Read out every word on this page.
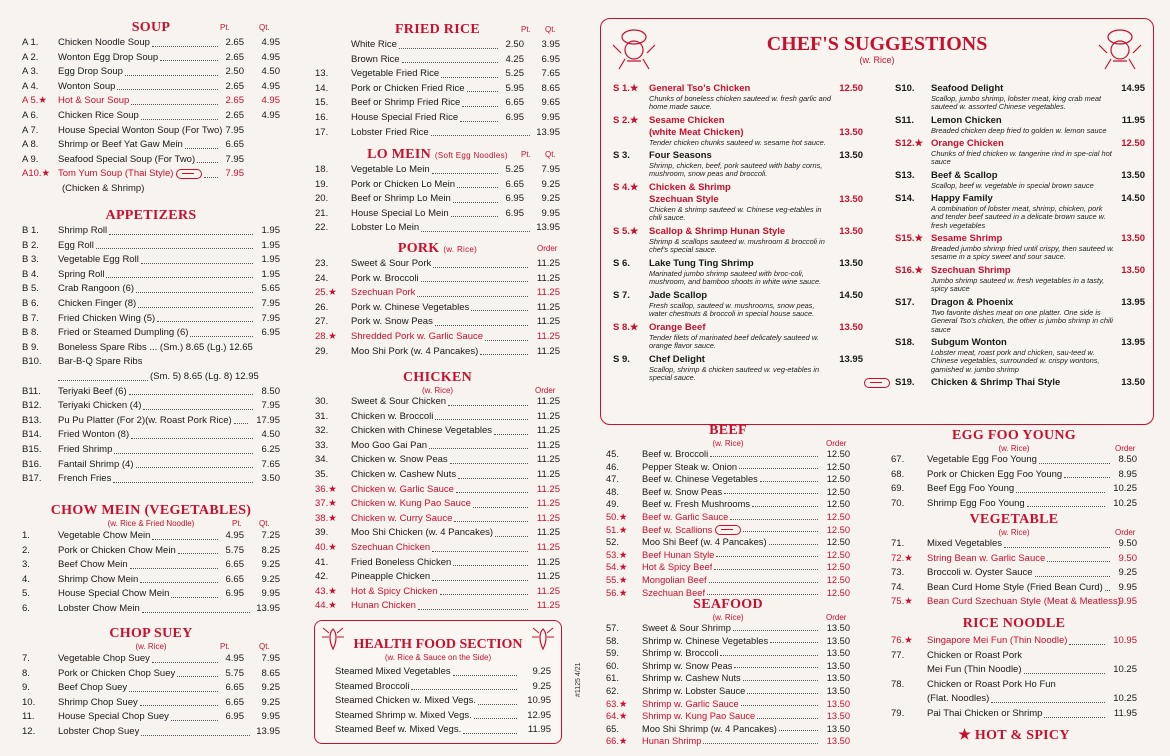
SOUP	Pt.	Qt.
A 1. Chicken Noodle Soup	2.65 4.95
A 2. Wonton Egg Drop Soup	2.65 4.95
A 3. Egg Drop Soup	2.50 4.50
A 4. Wonton Soup	2.65 4.95
A 5.★ Hot & Sour Soup	2.65 4.95
A 6. Chicken Rice Soup	2.65 4.95
A 7. House Special Wonton Soup (For Two) 7.95
A 8. Shrimp or Beef Yat Gaw Mein	6.65
A 9. Seafood Special Soup (For Two)	7.95
A10.★ Tom Yum Soup (Thai Style)	7.95
(Chicken & Shrimp)
APPETIZERS
B 1. Shrimp Roll	1.95
B 2. Egg Roll	1.95
B 3. Vegetable Egg Roll	1.95
B 4. Spring Roll	1.95
B 5. Crab Rangoon (6)	5.65
B 6. Chicken Finger (8)	7.95
B 7. Fried Chicken Wing (5)	7.95
B 8. Fried or Steamed Dumpling (6)	6.95
B 9. Boneless Spare Ribs ... (Sm.) 8.65 (Lg.) 12.65
B10. Bar-B-Q Spare Ribs
(Sm. 5) 8.65 (Lg. 8) 12.95
B11. Teriyaki Beef (6)	8.50
B12. Teriyaki Chicken (4)	7.95
B13. Pu Pu Platter (For 2)(w. Roast Pork Rice)	17.95
B14. Fried Wonton (8)	4.50
B15. Fried Shrimp	6.25
B16. Fantail Shrimp (4)	7.65
B17. French Fries	3.50
CHOW MEIN (VEGETABLES)
(w. Rice & Fried Noodle)	Pt. Qt.
1.	Vegetable Chow Mein	4.95 7.25
2.	Pork or Chicken Chow Mein	5.75 8.25
3.	Beef Chow Mein	6.65 9.25
4.	Shrimp Chow Mein	6.65 9.25
5.	House Special Chow Mein	6.95 9.95
6.	Lobster Chow Mein	13.95
CHOP SUEY
(w. Rice)	Pt.	Qt.
7.	Vegetable Chop Suey	4.95 7.95
8.	Pork or Chicken Chop Suey	5.75 8.65
9.	Beef Chop Suey	6.65 9.25
10. Shrimp Chop Suey	6.65 9.25
11. House Special Chop Suey	6.95 9.95
12. Lobster Chop Suey	13.95
FRIED RICE	Pt. Qt.
White Rice	2.50 3.95
Brown Rice	4.25 6.95
13. Vegetable Fried Rice	5.25 7.65
14. Pork or Chicken Fried Rice	5.95 8.65
15. Beef or Shrimp Fried Rice	6.65 9.65
16. House Special Fried Rice	6.95 9.95
17. Lobster Fried Rice	13.95
LO MEIN (Soft Egg Noodles)	Pt. Qt.
18. Vegetable Lo Mein	5.25 7.95
19. Pork or Chicken Lo Mein	6.65 9.25
20. Beef or Shrimp Lo Mein	6.95 9.25
21. House Special Lo Mein	6.95 9.95
22. Lobster Lo Mein	13.95
PORK (w. Rice)	Order
23. Sweet & Sour Pork	11.25
24. Pork w. Broccoli	11.25
25.★ Szechuan Pork	11.25
26. Pork w. Chinese Vegetables	11.25
27. Pork w. Snow Peas	11.25
28.★ Shredded Pork w. Garlic Sauce	11.25
29. Moo Shi Pork (w. 4 Pancakes)	11.25
CHICKEN
(w. Rice)	Order
30. Sweet & Sour Chicken	11.25
31. Chicken w. Broccoli	11.25
32. Chicken with Chinese Vegetables	11.25
33. Moo Goo Gai Pan	11.25
34. Chicken w. Snow Peas	11.25
35. Chicken w. Cashew Nuts	11.25
36.★ Chicken w. Garlic Sauce	11.25
37.★ Chicken w. Kung Pao Sauce	11.25
38.★ Chicken w. Curry Sauce	11.25
39. Moo Shi Chicken (w. 4 Pancakes)	11.25
40.★ Szechuan Chicken	11.25
41. Fried Boneless Chicken	11.25
42. Pineapple Chicken	11.25
43.★ Hot & Spicy Chicken	11.25
44.★ Hunan Chicken	11.25
HEALTH FOOD SECTION
(w. Rice & Sauce on the Side)
Steamed Mixed Vegetables	9.25
Steamed Broccoli	9.25
Steamed Chicken w. Mixed Vegs.	10.95
Steamed Shrimp w. Mixed Vegs.	12.95
Steamed Beef w. Mixed Vegs.	11.95
#1125 4/21
CHEF'S SUGGESTIONS
(w. Rice)
S 1.★ General Tso's Chicken	12.50
Chunks of boneless chicken sauteed w. fresh garlic and home made sauce.
S 2.★ Sesame Chicken
(white Meat Chicken)	13.50
Tender chicken chunks sauteed w. sesame hot sauce.
S 3. Four Seasons	13.50
Shrimp, chicken, beef, pork sauteed with baby corns, mushroom, snow peas and broccoli.
S 4.★ Chicken & Shrimp
Szechuan Style	13.50
Chicken & shrimp sauteed w. Chinese veg-etables in chili sauce.
S 5.★ Scallop & Shrimp Hunan Style	13.50
Shrimp & scallops sauteed w. mushroom & broccoli in chef's special sauce.
S 6. Lake Tung Ting Shrimp	13.50
Marinated jumbo shrimp sauteed with broc-coli, mushroom, and bamboo shoots in white wine sauce.
S 7. Jade Scallop	14.50
Fresh scallop, sauteed w. mushrooms, snow peas, water chestnuts & broccoli in special house sauce.
S 8.★ Orange Beef	13.50
Tender filets of marinated beef delicately sauteed w. orange flavor sauce.
S 9. Chef Delight	13.95
Scallop, shrimp & chicken sauteed w. veg-etables in special sauce.
S10. Seafood Delight	14.95
Scallop, jumbo shrimp, lobster meat, king crab meat sauteed w. assorted Chinese vegetables.
S11. Lemon Chicken	11.95
Breaded chicken deep fried to golden w. lemon sauce
S12.★ Orange Chicken	12.50
Chunks of fried chicken w. tangerine rind in spe-cial hot sauce
S13. Beef & Scallop	13.50
Scallop, beef w. vegetable in special brown sauce
S14. Happy Family	14.50
A combination of lobster meat, shrimp, chicken, pork and tender beef sauteed in a delicate brown sauce w. fresh vegetables
S15.★ Sesame Shrimp	13.50
Breaded jumbo shrimp fried until crispy, then sauteed w. sesame in a spicy sweet and sour sauce.
S16.★ Szechuan Shrimp	13.50
Jumbo shrimp sauteed w. fresh vegetables in a tasty, spicy sauce
S17. Dragon & Phoenix	13.95
Two favorite dishes meat on one platter. One side is General Tso's chicken, the other is jumbo shrimp in chili sauce
S18. Subgum Wonton	13.95
Lobster meat, roast pork and chicken, sau-teed w. Chinese vegetables, surrounded w. crispy wontons, garnished w. jumbo shrimp
S19. Chicken & Shrimp Thai Style	13.50
BEEF
(w. Rice)	Order
45. Beef w. Broccoli	12.50
46. Pepper Steak w. Onion	12.50
47. Beef w. Chinese Vegetables	12.50
48. Beef w. Snow Peas	12.50
49. Beef w. Fresh Mushrooms	12.50
50.★ Beef w. Garlic Sauce	12.50
51.★ Beef w. Scallions	12.50
52. Moo Shi Beef (w. 4 Pancakes)	12.50
53.★ Beef Hunan Style	12.50
54.★ Hot & Spicy Beef	12.50
55.★ Mongolian Beef	12.50
56.★ Szechuan Beef	12.50
SEAFOOD
(w. Rice)	Order
57. Sweet & Sour Shrimp	13.50
58. Shrimp w. Chinese Vegetables	13.50
59. Shrimp w. Broccoli	13.50
60. Shrimp w. Snow Peas	13.50
61. Shrimp w. Cashew Nuts	13.50
62. Shrimp w. Lobster Sauce	13.50
63.★ Shrimp w. Garlic Sauce	13.50
64.★ Shrimp w. Kung Pao Sauce	13.50
65. Moo Shi Shrimp (w. 4 Pancakes)	13.50
66.★ Hunan Shrimp	13.50
EGG FOO YOUNG
(w. Rice)	Order
67. Vegetable Egg Foo Young	8.50
68. Pork or Chicken Egg Foo Young	8.95
69. Beef Egg Foo Young	10.25
70. Shrimp Egg Foo Young	10.25
VEGETABLE
(w. Rice)	Order
71. Mixed Vegetables	9.50
72.★ String Bean w. Garlic Sauce	9.50
73. Broccoli w. Oyster Sauce	9.25
74. Bean Curd Home Style (Fried Bean Curd) 9.95
75.★ Bean Curd Szechuan Style (Meat & Meatless)
9.95
RICE NOODLE
76.★ Singapore Mei Fun (Thin Noodle)	10.95
77. Chicken or Roast Pork
Mei Fun (Thin Noodle)	10.25
78. Chicken or Roast Pork Ho Fun
(Flat. Noodles)	10.25
79. Pai Thai Chicken or Shrimp	11.95
★ HOT & SPICY
